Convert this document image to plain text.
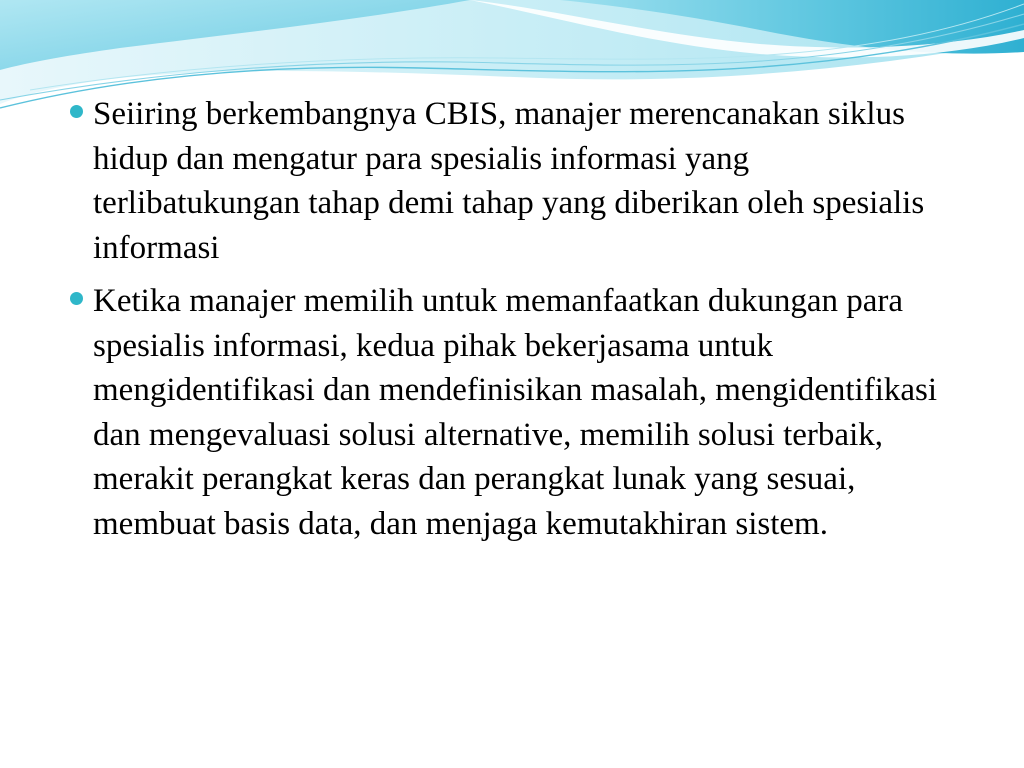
Seiiring berkembangnya CBIS, manajer merencanakan siklus hidup dan mengatur para spesialis informasi yang terlibatukungan tahap demi tahap yang diberikan oleh spesialis informasi
Ketika manajer memilih untuk memanfaatkan dukungan para spesialis informasi, kedua pihak bekerjasama untuk mengidentifikasi dan mendefinisikan masalah, mengidentifikasi dan mengevaluasi solusi alternative, memilih solusi terbaik, merakit perangkat keras dan perangkat lunak yang sesuai, membuat basis data, dan menjaga kemutakhiran sistem.
